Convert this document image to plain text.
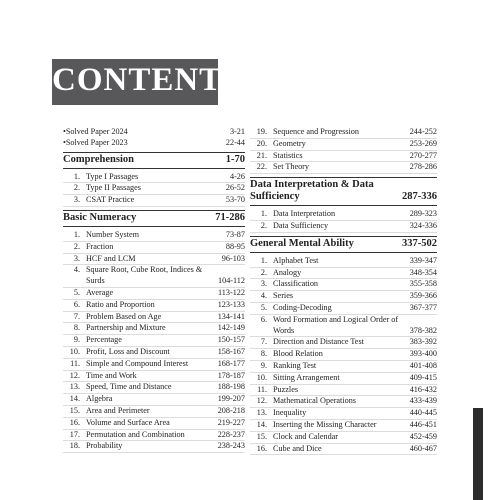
CONTENTS
•Solved Paper 2024	3-21
•Solved Paper 2023	22-44
Comprehension	1-70
1. Type I Passages	4-26
2. Type II Passages	26-52
3. CSAT Practice	53-70
Basic Numeracy	71-286
1. Number System	73-87
2. Fraction	88-95
3. HCF and LCM	96-103
4. Square Root, Cube Root, Indices & Surds	104-112
5. Average	113-122
6. Ratio and Proportion	123-133
7. Problem Based on Age	134-141
8. Partnership and Mixture	142-149
9. Percentage	150-157
10. Profit, Loss and Discount	158-167
11. Simple and Compound Interest	168-177
12. Time and Work	178-187
13. Speed, Time and Distance	188-198
14. Algebra	199-207
15. Area and Perimeter	208-218
16. Volume and Surface Area	219-227
17. Permutation and Combination	228-237
18. Probability	238-243
19. Sequence and Progression	244-252
20. Geometry	253-269
21. Statistics	270-277
22. Set Theory	278-286
Data Interpretation & Data Sufficiency	287-336
1. Data Interpretation	289-323
2. Data Sufficiency	324-336
General Mental Ability	337-502
1. Alphabet Test	339-347
2. Analogy	348-354
3. Classification	355-358
4. Series	359-366
5. Coding-Decoding	367-377
6. Word Formation and Logical Order of Words	378-382
7. Direction and Distance Test	383-392
8. Blood Relation	393-400
9. Ranking Test	401-408
10. Sitting Arrangement	409-415
11. Puzzles	416-432
12. Mathematical Operations	433-439
13. Inequality	440-445
14. Inserting the Missing Character	446-451
15. Clock and Calendar	452-459
16. Cube and Dice	460-467
